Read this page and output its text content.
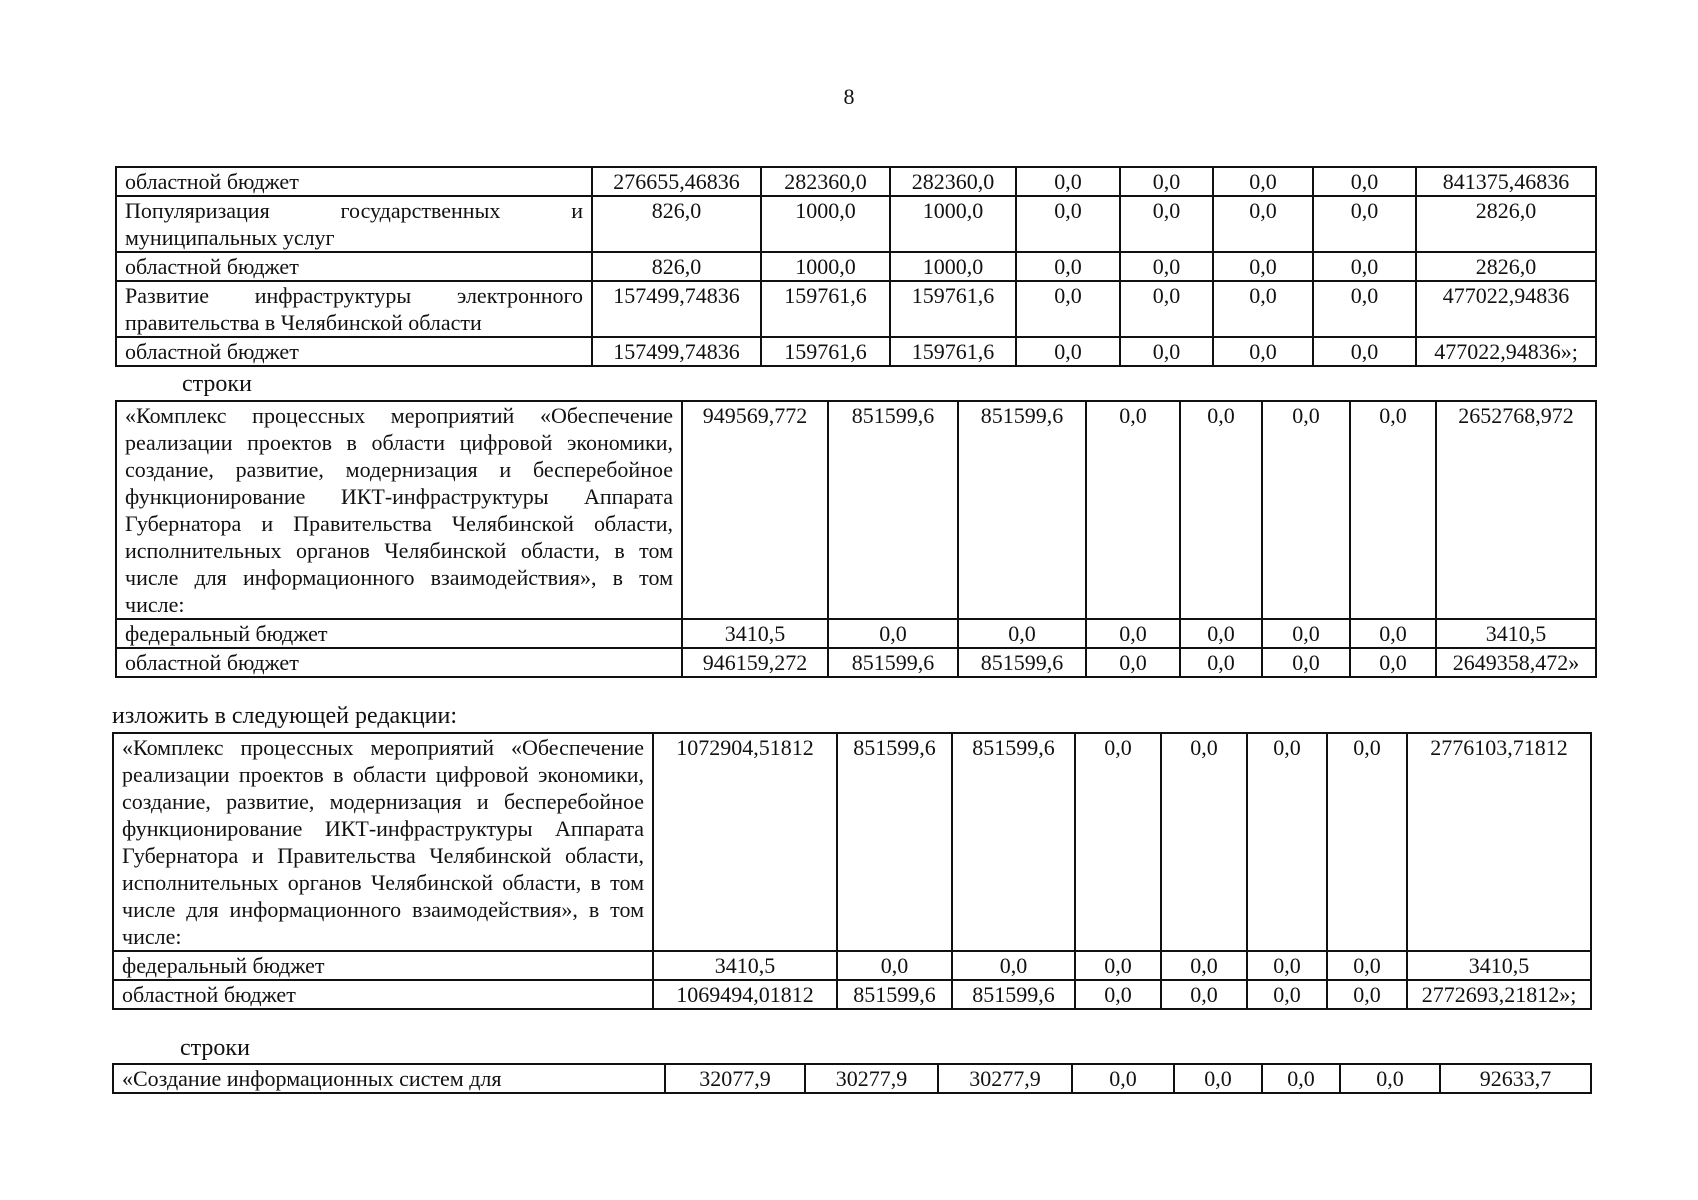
8
областной бюджет	276655,46836	282360,0	282360,0	0,0	0,0	0,0	0,0	841375,46836
Популяризация государственных и муниципальных услуг	826,0	1000,0	1000,0	0,0	0,0	0,0	0,0	2826,0
областной бюджет	826,0	1000,0	1000,0	0,0	0,0	0,0	0,0	2826,0
Развитие инфраструктуры электронного правительства в Челябинской области	157499,74836	159761,6	159761,6	0,0	0,0	0,0	0,0	477022,94836
областной бюджет	157499,74836	159761,6	159761,6	0,0	0,0	0,0	0,0	477022,94836»;
строки
«Комплекс процессных мероприятий «Обеспечение реализации проектов в области цифровой экономики, создание, развитие, модернизация и бесперебойное функционирование ИКТ-инфраструктуры Аппарата Губернатора и Правительства Челябинской области, исполнительных органов Челябинской области, в том числе для информационного взаимодействия», в том числе:	949569,772	851599,6	851599,6	0,0	0,0	0,0	0,0	2652768,972
федеральный бюджет	3410,5	0,0	0,0	0,0	0,0	0,0	0,0	3410,5
областной бюджет	946159,272	851599,6	851599,6	0,0	0,0	0,0	0,0	2649358,472»
изложить в следующей редакции:
«Комплекс процессных мероприятий «Обеспечение реализации проектов в области цифровой экономики, создание, развитие, модернизация и бесперебойное функционирование ИКТ-инфраструктуры Аппарата Губернатора и Правительства Челябинской области, исполнительных органов Челябинской области, в том числе для информационного взаимодействия», в том числе:	1072904,51812	851599,6	851599,6	0,0	0,0	0,0	0,0	2776103,71812
федеральный бюджет	3410,5	0,0	0,0	0,0	0,0	0,0	0,0	3410,5
областной бюджет	1069494,01812	851599,6	851599,6	0,0	0,0	0,0	0,0	2772693,21812»;
строки
«Создание информационных систем для	32077,9	30277,9	30277,9	0,0	0,0	0,0	0,0	92633,7
